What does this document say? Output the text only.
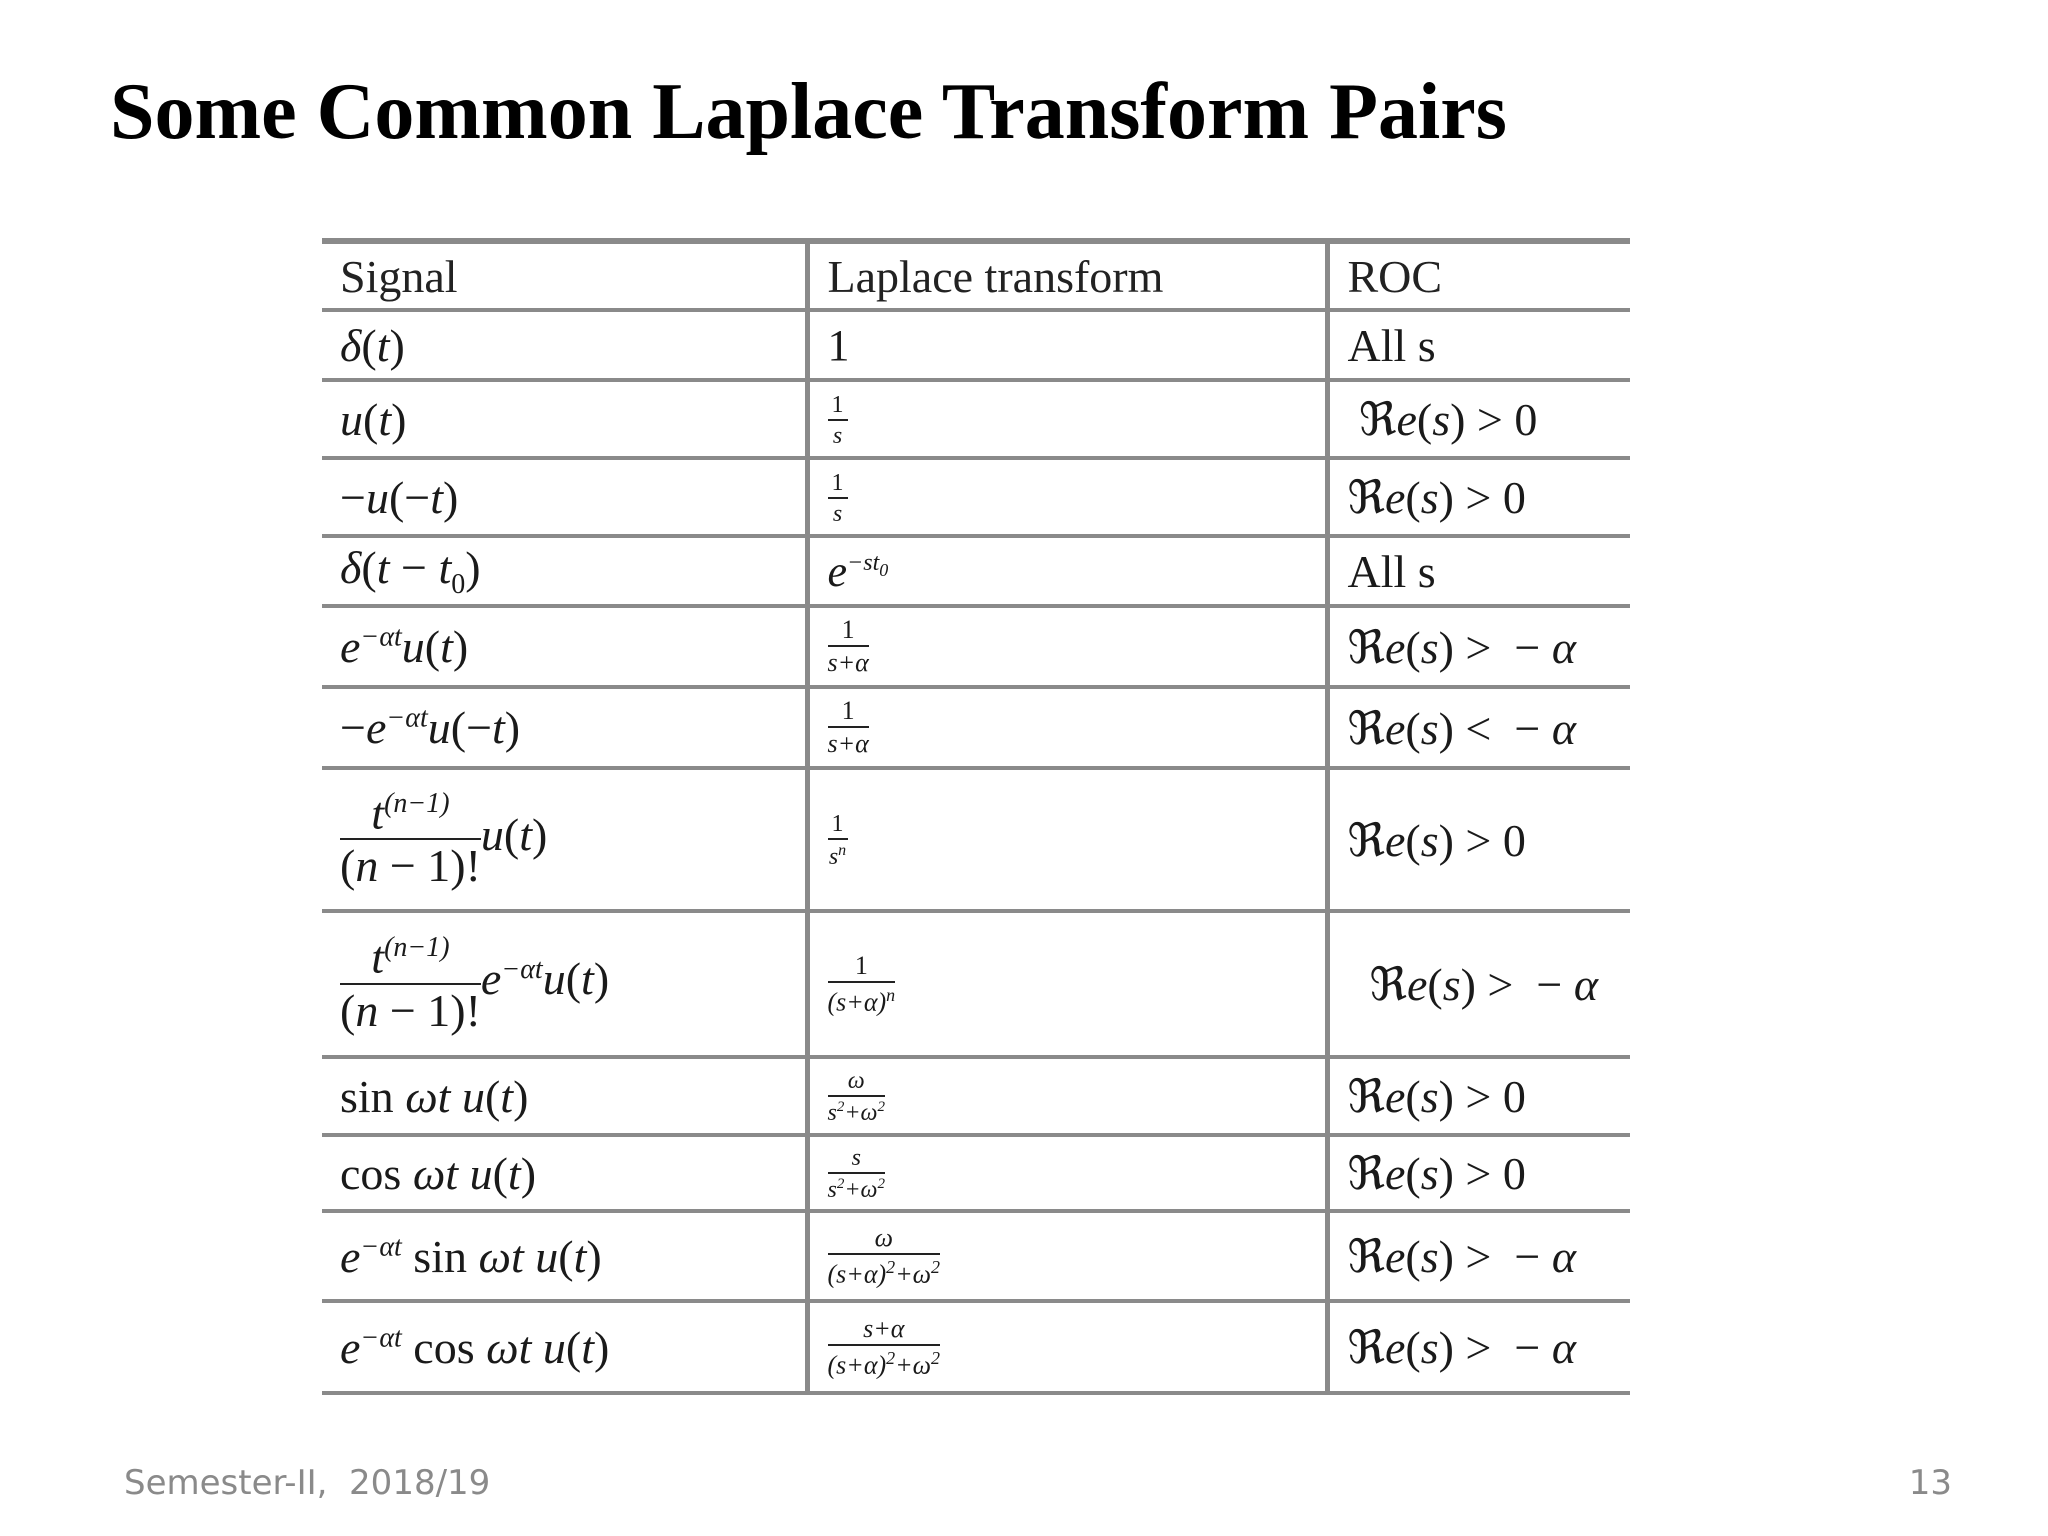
Some Common Laplace Transform Pairs
Signal	Laplace transform	ROC
δ(t)	1	All s
u(t)	$\frac{1}{s}$	ℜe(s) > 0
−u(−t)	$\frac{1}{s}$	ℜe(s) > 0
$\delta(t - t_0)$	$e^{-st_0}$	All s
$e^{-\alpha t}u(t)$	$\frac{1}{s+\alpha}$	ℜe(s) >  − α
$-e^{-\alpha t}u(-t)$	$\frac{1}{s+\alpha}$	ℜe(s) <  − α

$\frac{t^{(n-1)}}{(n - 1)!} u(t)$	$\frac{1}{s^n}$	ℜe(s) > 0

$\frac{t^{(n-1)}}{(n - 1)!} e^{-\alpha t}u(t)$	$\frac{1}{(s+\alpha)^n}$	ℜe(s) >  − α
sin ωt u(t)	$\frac{\omega}{s^2+\omega^2}$	ℜe(s) > 0
cos ωt u(t)	$\frac{s}{s^2+\omega^2}$	ℜe(s) > 0
$e^{-\alpha t}$ sin ωt u(t)	$\frac{\omega}{(s+\alpha)^2+\omega^2}$	ℜe(s) >  − α
$e^{-\alpha t}$ cos ωt u(t)	$\frac{s+\alpha}{(s+\alpha)^2+\omega^2}$	ℜe(s) >  − α
Semester-II,  2018/19	13
